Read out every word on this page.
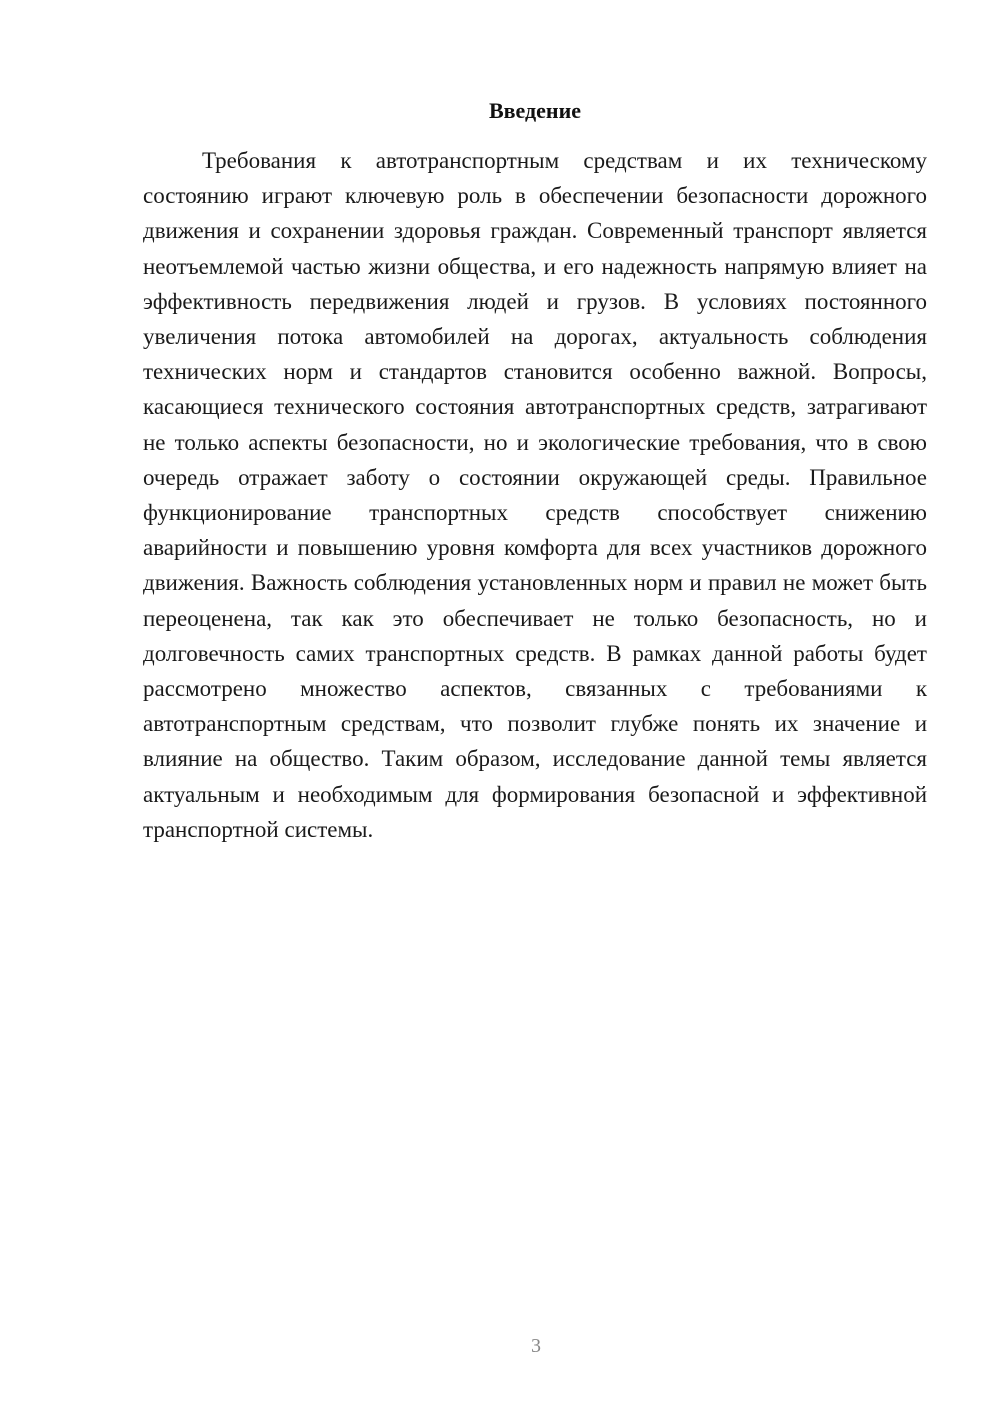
Введение

Требования к автотранспортным средствам и их техническому состоянию играют ключевую роль в обеспечении безопасности дорожного движения и сохранении здоровья граждан. Современный транспорт является неотъемлемой частью жизни общества, и его надежность напрямую влияет на эффективность передвижения людей и грузов. В условиях постоянного увеличения потока автомобилей на дорогах, актуальность соблюдения технических норм и стандартов становится особенно важной. Вопросы, касающиеся технического состояния автотранспортных средств, затрагивают не только аспекты безопасности, но и экологические требования, что в свою очередь отражает заботу о состоянии окружающей среды. Правильное функционирование транспортных средств способствует снижению аварийности и повышению уровня комфорта для всех участников дорожного движения. Важность соблюдения установленных норм и правил не может быть переоценена, так как это обеспечивает не только безопасность, но и долговечность самих транспортных средств. В рамках данной работы будет рассмотрено множество аспектов, связанных с требованиями к автотранспортным средствам, что позволит глубже понять их значение и влияние на общество. Таким образом, исследование данной темы является актуальным и необходимым для формирования безопасной и эффективной транспортной системы.

3
